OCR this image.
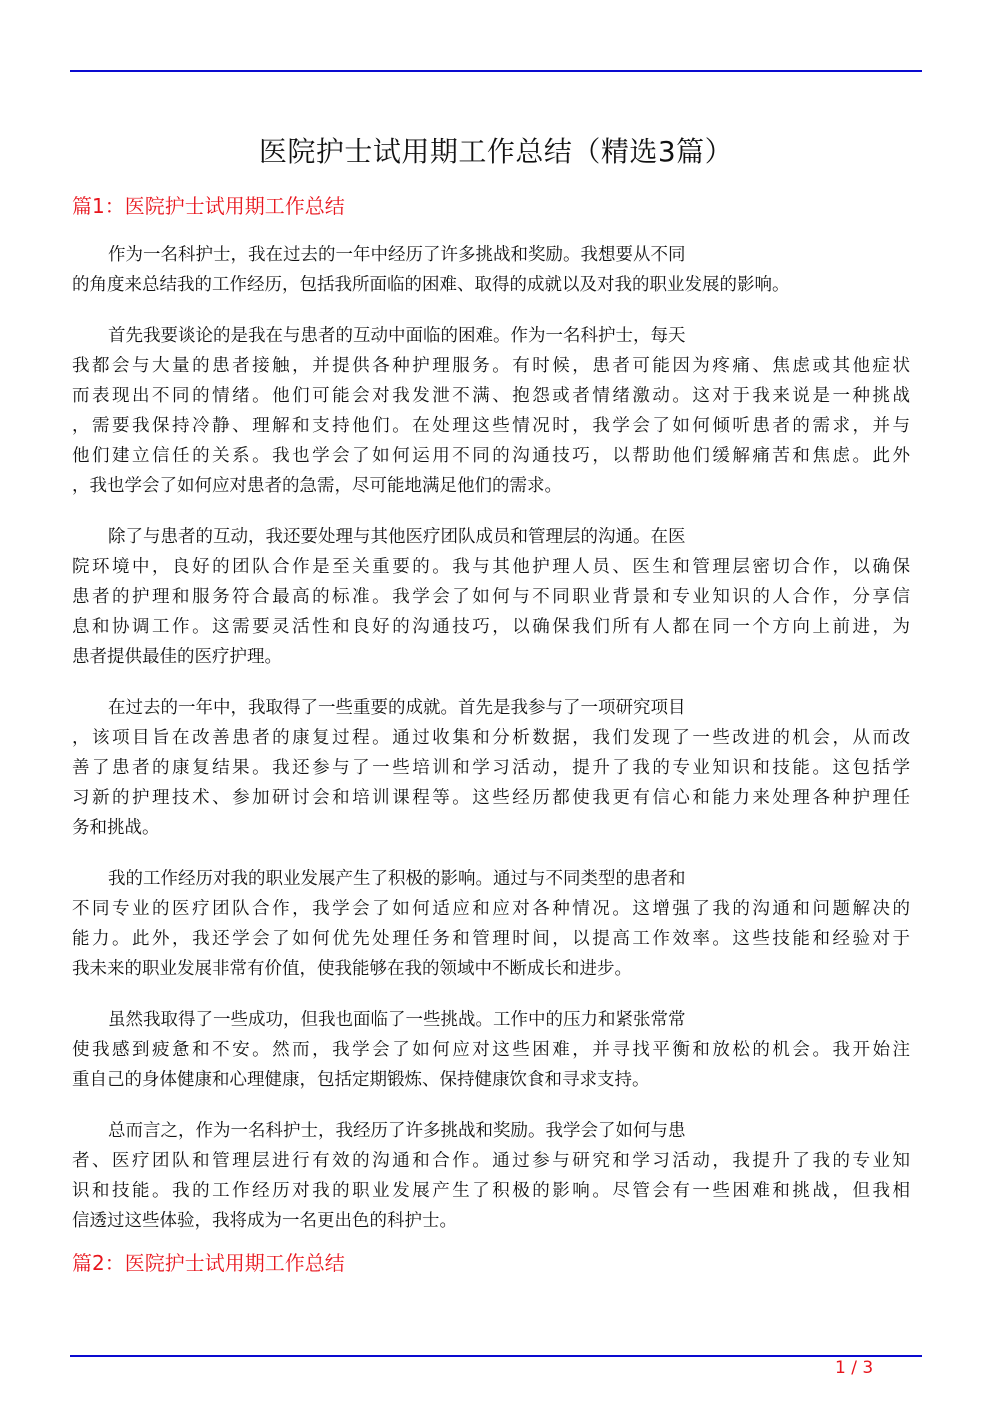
医院护士试用期工作总结（精选3篇）
篇1：医院护士试用期工作总结
作为一名科护士，我在过去的一年中经历了许多挑战和奖励。我想要从不同
的角度来总结我的工作经历，包括我所面临的困难、取得的成就以及对我的职业发展的影响。
首先我要谈论的是我在与患者的互动中面临的困难。作为一名科护士，每天
我都会与大量的患者接触，并提供各种护理服务。有时候，患者可能因为疼痛、焦虑或其他症状
而表现出不同的情绪。他们可能会对我发泄不满、抱怨或者情绪激动。这对于我来说是一种挑战
，需要我保持冷静、理解和支持他们。在处理这些情况时，我学会了如何倾听患者的需求，并与
他们建立信任的关系。我也学会了如何运用不同的沟通技巧，以帮助他们缓解痛苦和焦虑。此外
，我也学会了如何应对患者的急需，尽可能地满足他们的需求。
除了与患者的互动，我还要处理与其他医疗团队成员和管理层的沟通。在医
院环境中，良好的团队合作是至关重要的。我与其他护理人员、医生和管理层密切合作，以确保
患者的护理和服务符合最高的标准。我学会了如何与不同职业背景和专业知识的人合作，分享信
息和协调工作。这需要灵活性和良好的沟通技巧，以确保我们所有人都在同一个方向上前进，为
患者提供最佳的医疗护理。
在过去的一年中，我取得了一些重要的成就。首先是我参与了一项研究项目
，该项目旨在改善患者的康复过程。通过收集和分析数据，我们发现了一些改进的机会，从而改
善了患者的康复结果。我还参与了一些培训和学习活动，提升了我的专业知识和技能。这包括学
习新的护理技术、参加研讨会和培训课程等。这些经历都使我更有信心和能力来处理各种护理任
务和挑战。
我的工作经历对我的职业发展产生了积极的影响。通过与不同类型的患者和
不同专业的医疗团队合作，我学会了如何适应和应对各种情况。这增强了我的沟通和问题解决的
能力。此外，我还学会了如何优先处理任务和管理时间，以提高工作效率。这些技能和经验对于
我未来的职业发展非常有价值，使我能够在我的领域中不断成长和进步。
虽然我取得了一些成功，但我也面临了一些挑战。工作中的压力和紧张常常
使我感到疲惫和不安。然而，我学会了如何应对这些困难，并寻找平衡和放松的机会。我开始注
重自己的身体健康和心理健康，包括定期锻炼、保持健康饮食和寻求支持。
总而言之，作为一名科护士，我经历了许多挑战和奖励。我学会了如何与患
者、医疗团队和管理层进行有效的沟通和合作。通过参与研究和学习活动，我提升了我的专业知
识和技能。我的工作经历对我的职业发展产生了积极的影响。尽管会有一些困难和挑战，但我相
信透过这些体验，我将成为一名更出色的科护士。
篇2：医院护士试用期工作总结
1 / 3
